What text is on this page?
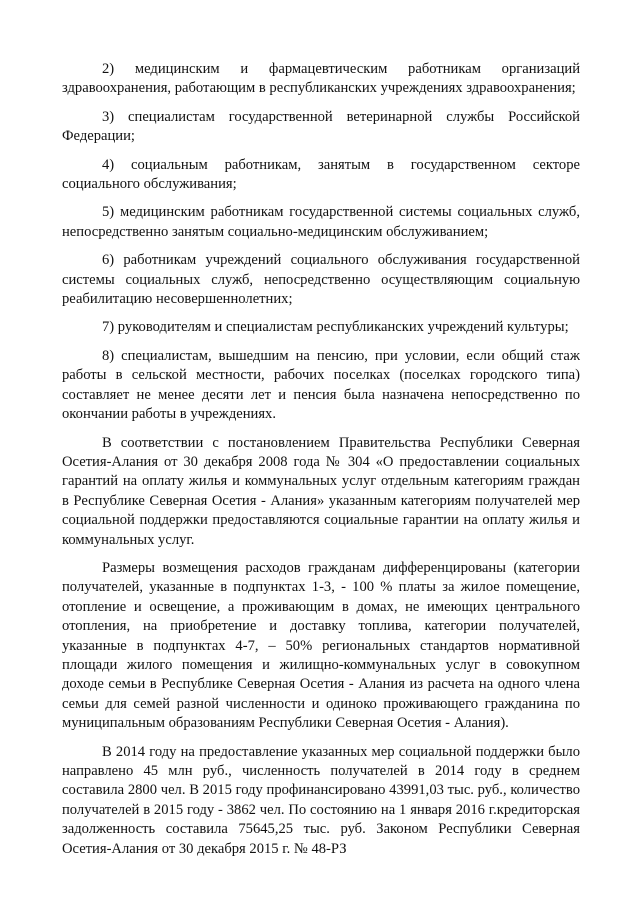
2) медицинским и фармацевтическим работникам организаций здравоохранения, работающим в республиканских учреждениях здравоохранения;

3) специалистам государственной ветеринарной службы Российской Федерации;

4) социальным работникам, занятым в государственном секторе социального обслуживания;

5) медицинским работникам государственной системы социальных служб, непосредственно занятым социально-медицинским обслуживанием;

6) работникам учреждений социального обслуживания государственной системы социальных служб, непосредственно осуществляющим социальную реабилитацию несовершеннолетних;

7) руководителям и специалистам республиканских учреждений культуры;

8) специалистам, вышедшим на пенсию, при условии, если общий стаж работы в сельской местности, рабочих поселках (поселках городского типа) составляет не менее десяти лет и пенсия была назначена непосредственно по окончании работы в учреждениях.

В соответствии с постановлением Правительства Республики Северная Осетия-Алания от 30 декабря 2008 года № 304 «О предоставлении социальных гарантий на оплату жилья и коммунальных услуг отдельным категориям граждан в Республике Северная Осетия - Алания» указанным категориям получателей мер социальной поддержки предоставляются социальные гарантии на оплату жилья и коммунальных услуг.

Размеры возмещения расходов гражданам дифференцированы (категории получателей, указанные в подпунктах 1-3, - 100 % платы за жилое помещение, отопление и освещение, а проживающим в домах, не имеющих центрального отопления, на приобретение и доставку топлива, категории получателей, указанные в подпунктах 4-7, – 50% региональных стандартов нормативной площади жилого помещения и жилищно-коммунальных услуг в совокупном доходе семьи в Республике Северная Осетия - Алания из расчета на одного члена семьи для семей разной численности и одиноко проживающего гражданина по муниципальным образованиям Республики Северная Осетия - Алания).

В 2014 году на предоставление указанных мер социальной поддержки было направлено 45 млн руб., численность получателей в 2014 году в среднем составила 2800 чел. В 2015 году профинансировано 43991,03 тыс. руб., количество получателей в 2015 году - 3862 чел. По состоянию на 1 января 2016 г.кредиторская задолженность составила 75645,25 тыс. руб. Законом Республики Северная Осетия-Алания от 30 декабря 2015 г. № 48-РЗ
